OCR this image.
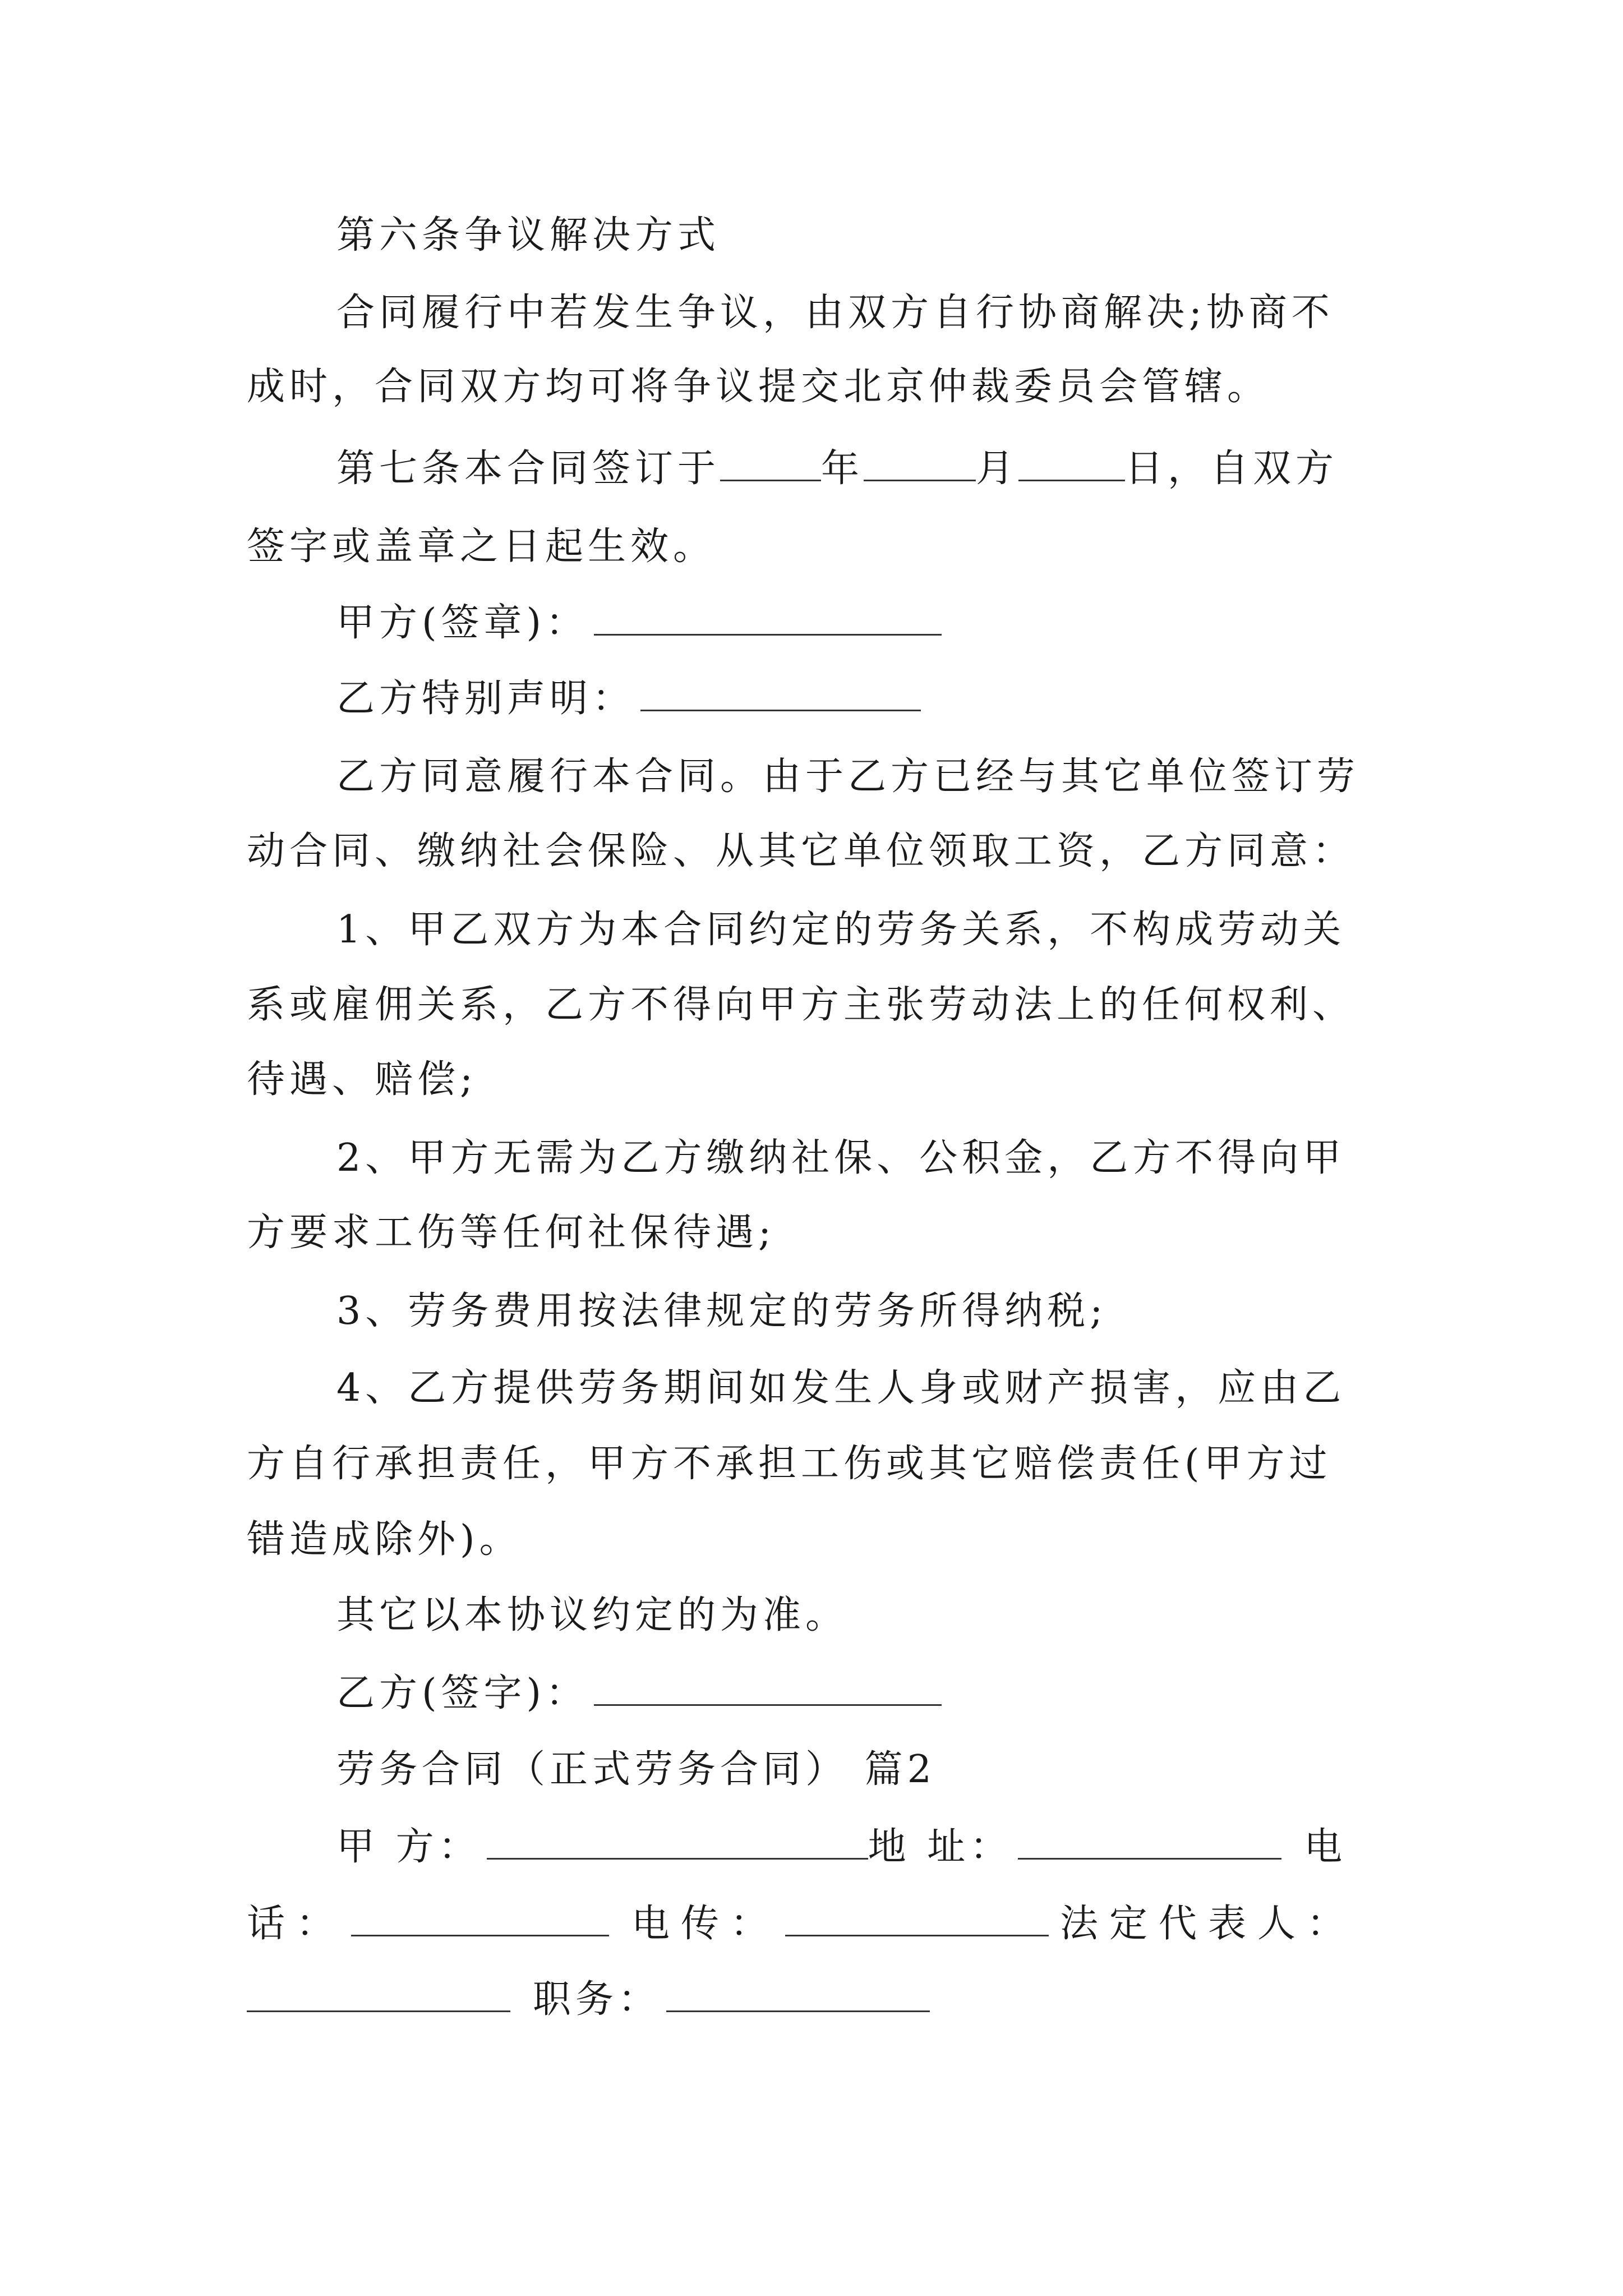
第六条争议解决方式
合同履行中若发生争议，由双方自行协商解决;协商不
成时，合同双方均可将争议提交北京仲裁委员会管辖。
第七条本合同签订于	年	月	日，自双方
签字或盖章之日起生效。
甲方(签章)：
乙方特别声明：
乙方同意履行本合同。由于乙方已经与其它单位签订劳
动合同、缴纳社会保险、从其它单位领取工资，乙方同意：
1、甲乙双方为本合同约定的劳务关系，不构成劳动关
系或雇佣关系，乙方不得向甲方主张劳动法上的任何权利、
待遇、赔偿;
2、甲方无需为乙方缴纳社保、公积金，乙方不得向甲
方要求工伤等任何社保待遇;
3、劳务费用按法律规定的劳务所得纳税;
4、乙方提供劳务期间如发生人身或财产损害，应由乙
方自行承担责任，甲方不承担工伤或其它赔偿责任(甲方过
错造成除外)。
其它以本协议约定的为准。
乙方(签字)：
劳务合同（正式劳务合同） 篇2
甲 方：	地 址：	电
话：	电传：	法定代表人：
职务：
